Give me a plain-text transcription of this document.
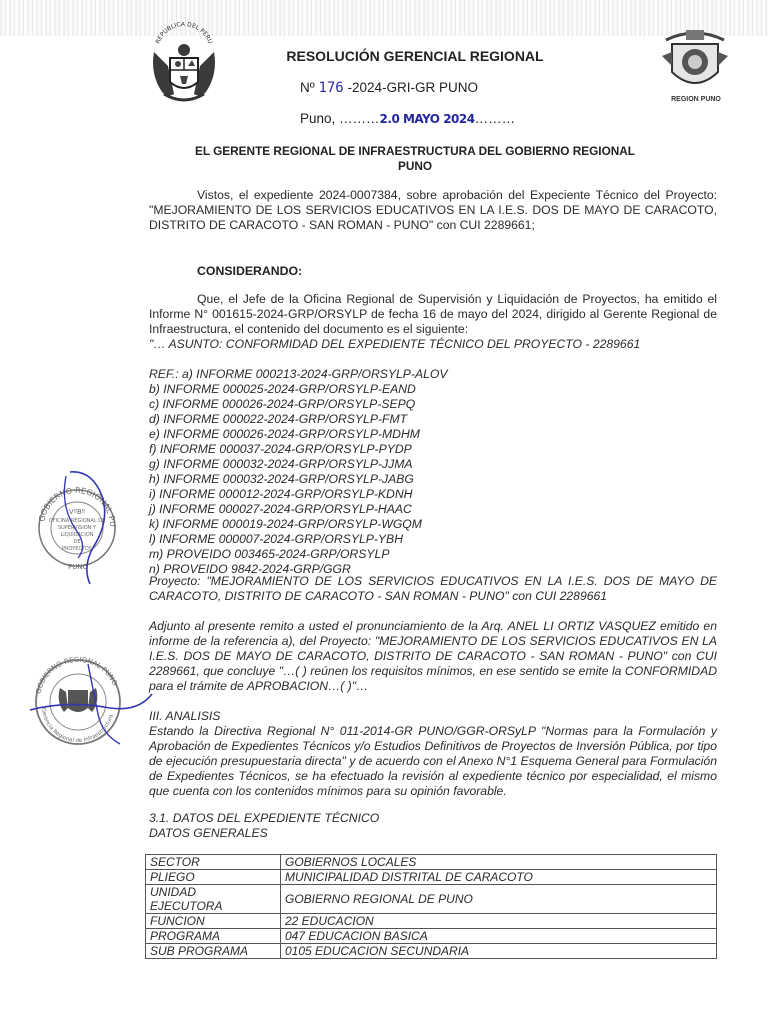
REPUBLICA DEL PERU
REGION PUNO
RESOLUCIÓN GERENCIAL REGIONAL
Nº 176 -2024-GRI-GR PUNO
Puno, ………2.0 MAYO 2024………
EL GERENTE REGIONAL DE INFRAESTRUCTURA DEL GOBIERNO REGIONAL
PUNO
Vistos, el expediente 2024-0007384, sobre aprobación del Expeciente Técnico del Proyecto: "MEJORAMIENTO DE LOS SERVICIOS EDUCATIVOS EN LA I.E.S. DOS DE MAYO DE CARACOTO, DISTRITO DE CARACOTO - SAN ROMAN - PUNO" con CUI 2289661;
CONSIDERANDO:
Que, el Jefe de la Oficina Regional de Supervisión y Liquidación de Proyectos, ha emitido el Informe N° 001615-2024-GRP/ORSYLP de fecha 16 de mayo del 2024, dirigido al Gerente Regional de Infraestructura, el contenido del documento es el siguiente:
"… ASUNTO: CONFORMIDAD DEL EXPEDIENTE TÉCNICO DEL PROYECTO - 2289661
REF.: a) INFORME 000213-2024-GRP/ORSYLP-ALOV
b) INFORME 000025-2024-GRP/ORSYLP-EAND
c) INFORME 000026-2024-GRP/ORSYLP-SEPQ
d) INFORME 000022-2024-GRP/ORSYLP-FMT
e) INFORME 000026-2024-GRP/ORSYLP-MDHM
f) INFORME 000037-2024-GRP/ORSYLP-PYDP
g) INFORME 000032-2024-GRP/ORSYLP-JJMA
h) INFORME 000032-2024-GRP/ORSYLP-JABG
i) INFORME 000012-2024-GRP/ORSYLP-KDNH
j) INFORME 000027-2024-GRP/ORSYLP-HAAC
k) INFORME 000019-2024-GRP/ORSYLP-WGQM
l) INFORME 000007-2024-GRP/ORSYLP-YBH
m) PROVEIDO 003465-2024-GRP/ORSYLP
n) PROVEIDO 9842-2024-GRP/GGR
Proyecto: "MEJORAMIENTO DE LOS SERVICIOS EDUCATIVOS EN LA I.E.S. DOS DE MAYO DE CARACOTO, DISTRITO DE CARACOTO - SAN ROMAN - PUNO" con CUI 2289661
Adjunto al presente remito a usted el pronunciamiento de la Arq. ANEL LI ORTIZ VASQUEZ emitido en informe de la referencia a), del Proyecto: "MEJORAMIENTO DE LOS SERVICIOS EDUCATIVOS EN LA I.E.S. DOS DE MAYO DE CARACOTO, DISTRITO DE CARACOTO - SAN ROMAN - PUNO" con CUI 2289661, que concluye "…( ) reúnen los requisitos mínimos, en ese sentido se emite la CONFORMIDAD para el trámite de APROBACION…( )"…
III. ANALISIS
Estando la Directiva Regional N° 011-2014-GR PUNO/GGR-ORSyLP "Normas para la Formulación y Aprobación de Expedientes Técnicos y/o Estudios Definitivos de Proyectos de Inversión Pública, por tipo de ejecución presupuestaria directa" y de acuerdo con el Anexo N°1 Esquema General para Formulación de Expedientes Técnicos, se ha efectuado la revisión al expediente técnico por especialidad, el mismo que cuenta con los contenidos mínimos para su opinión favorable.
3.1. DATOS DEL EXPEDIENTE TÉCNICO
DATOS GENERALES
SECTOR	GOBIERNOS LOCALES
PLIEGO	MUNICIPALIDAD DISTRITAL DE CARACOTO
UNIDAD
EJECUTORA	GOBIERNO REGIONAL DE PUNO
FUNCION	22 EDUCACION
PROGRAMA	047 EDUCACION BASICA
SUB PROGRAMA	0105 EDUCACION SECUNDARIA
GOBIERNO REGIONAL PU
PUNO
VºBº
OFICINA REGIONAL DE
SUPERVISION Y
LIQUIDACION
DE
PROYECTOS
GOBIERNO REGIONAL PUNO
Gerencia Regional de Infraestructura
